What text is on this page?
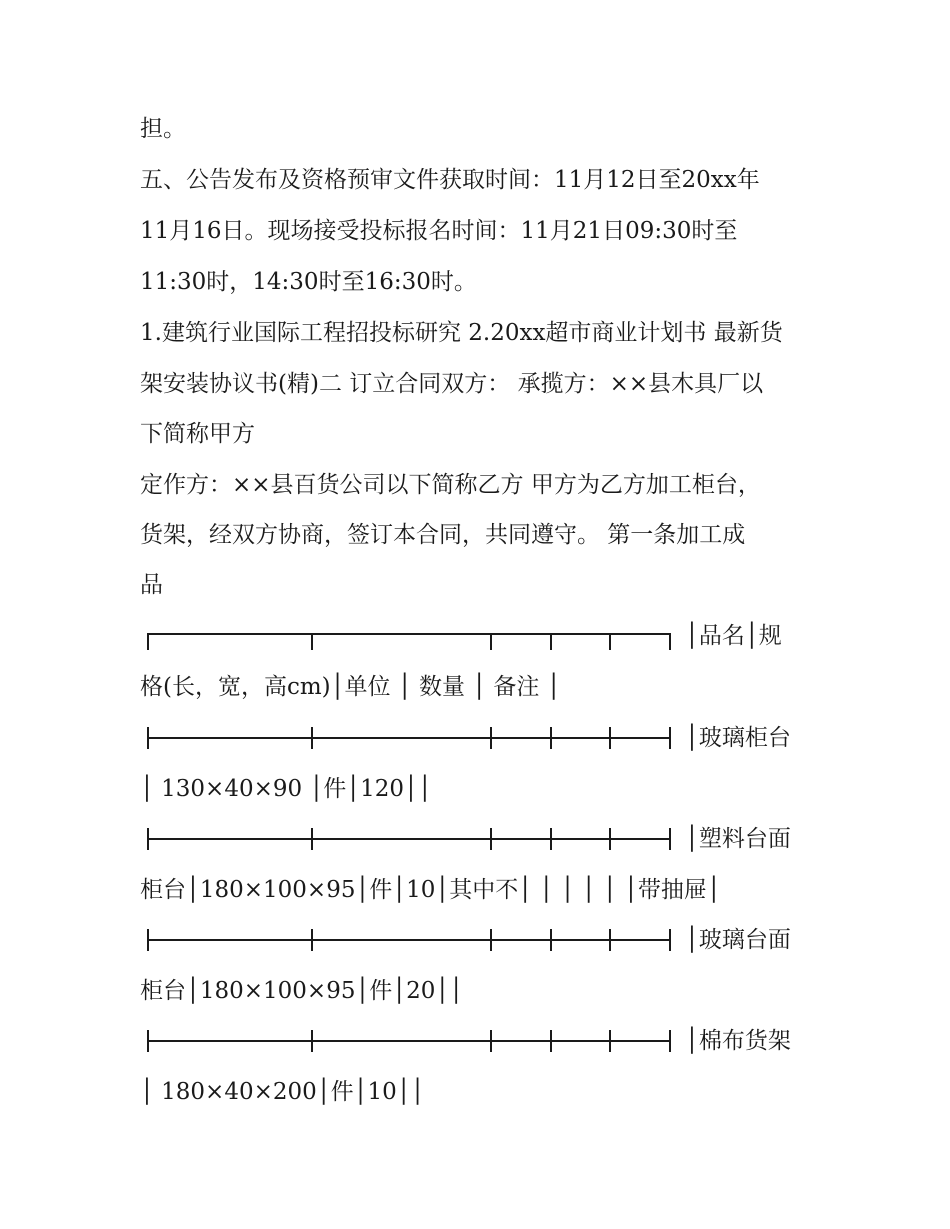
担。
五、公告发布及资格预审文件获取时间：11月12日至20xx年
11月16日。现场接受投标报名时间：11月21日09:30时至
11:30时，14:30时至16:30时。
1.建筑行业国际工程招投标研究 2.20xx超市商业计划书 最新货
架安装协议书(精)二 订立合同双方： 承揽方：××县木具厂以
下简称甲方
定作方：××县百货公司以下简称乙方 甲方为乙方加工柜台，
货架，经双方协商，签订本合同，共同遵守。 第一条加工成
品
│品名│规
格(长，宽，高cm)│单位 │ 数量 │ 备注 │
│玻璃柜台
│ 130×40×90 │件│120││
│塑料台面
柜台│180×100×95│件│10│其中不│ │ │ │ │ │带抽屉│
│玻璃台面
柜台│180×100×95│件│20││
│棉布货架
│ 180×40×200│件│10││
